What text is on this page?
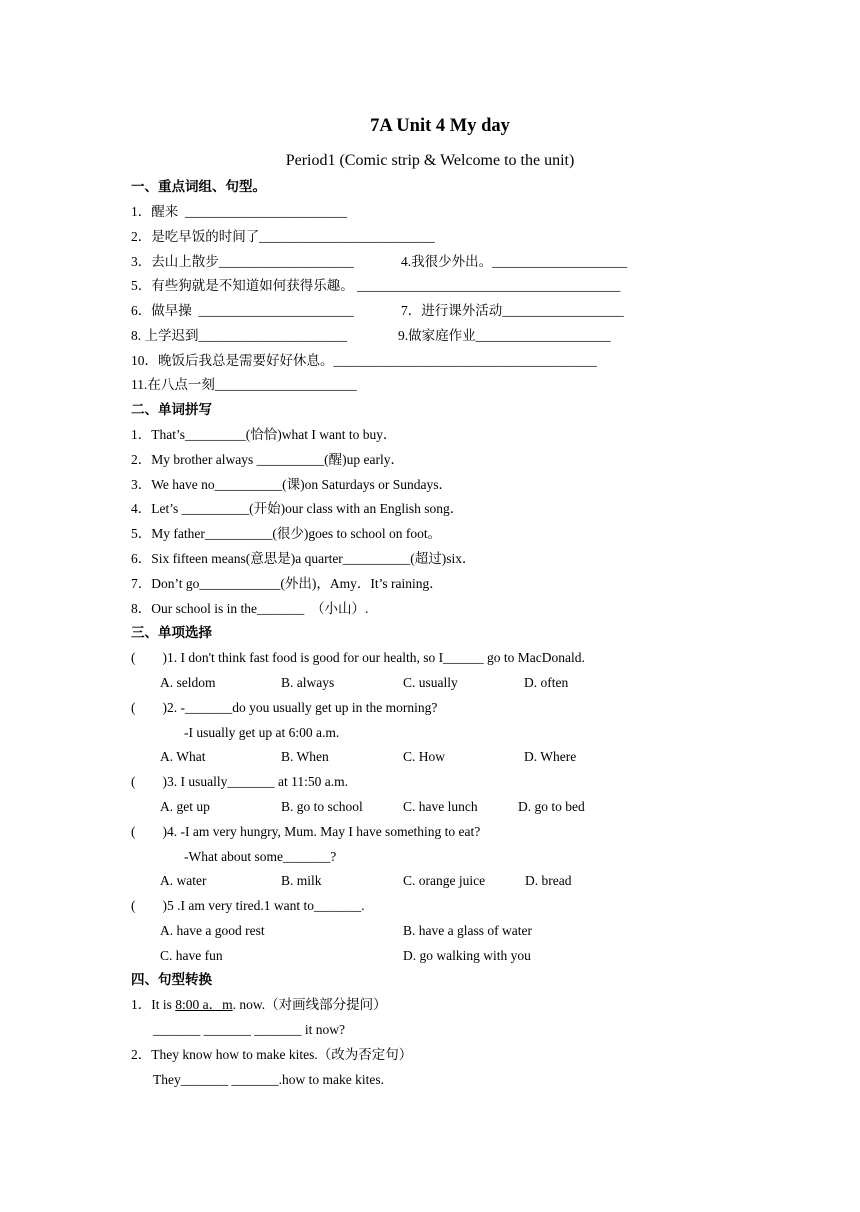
7A Unit 4 My day
Period1 (Comic strip & Welcome to the unit)
一、重点词组、句型。
1．醒来  ________________________
2．是吃早饭的时间了__________________________
3．去山上散步____________________	4.我很少外出。____________________
5．有些狗就是不知道如何获得乐趣。 _______________________________________
6．做早操  _______________________	7．进行课外活动__________________
8. 上学迟到______________________	9.做家庭作业____________________
10．晚饭后我总是需要好好休息。_______________________________________
11.在八点一刻_____________________
二、单词拼写
1．That’s_________(恰恰)what I want to buy．
2．My brother always __________(醒)up early．
3．We have no__________(课)on Saturdays or Sundays．
4．Let’s __________(开始)our class with an English song．
5．My father__________(很少)goes to school on foot。
6．Six fifteen means(意思是)a quarter__________(超过)six．
7．Don’t go____________(外出)，Amy．It’s raining．
8．Our school is in the_______  （小山）.
三、单项选择
(        )1. I don't think fast food is good for our health, so I______ go to MacDonald.
A. seldom	B. always	C. usually	D. often
(        )2. -_______do you usually get up in the morning?
-I usually get up at 6:00 a.m.
A. What	B. When	C. How	D. Where
(        )3. I usually_______ at 11:50 a.m.
A. get up	B. go to school	C. have lunch	D. go to bed
(        )4. -I am very hungry, Mum. May I have something to eat?
-What about some_______?
A. water	B. milk	C. orange juice	D. bread
(        )5 .I am very tired.1 want to_______.
A. have a good rest	B. have a glass of water
C. have fun	D. go walking with you
四、句型转换
1．It is 8:00 a．m. now.（对画线部分提问）
_______ _______ _______ it now?
2．They know how to make kites.（改为否定句）
They_______ _______.how to make kites.
